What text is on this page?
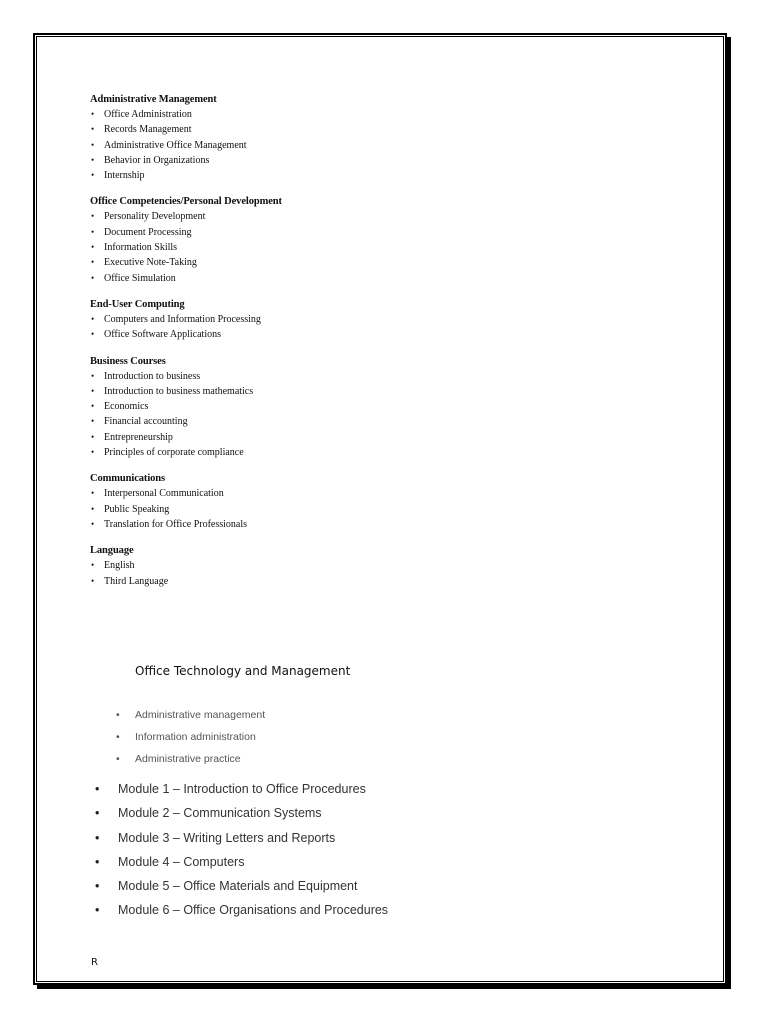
Administrative Management
• Office Administration
• Records Management
• Administrative Office Management
• Behavior in Organizations
• Internship
Office Competencies/Personal Development
• Personality Development
• Document Processing
• Information Skills
• Executive Note-Taking
• Office Simulation
End-User Computing
• Computers and Information Processing
• Office Software Applications
Business Courses
• Introduction to business
• Introduction to business mathematics
• Economics
• Financial accounting
• Entrepreneurship
• Principles of corporate compliance
Communications
• Interpersonal Communication
• Public Speaking
• Translation for Office Professionals
Language
• English
• Third Language
Office Technology and Management
• Administrative management
• Information administration
• Administrative practice
• Module 1 – Introduction to Office Procedures
• Module 2 – Communication Systems
• Module 3 – Writing Letters and Reports
• Module 4 – Computers
• Module 5 – Office Materials and Equipment
• Module 6 – Office Organisations and Procedures
R
